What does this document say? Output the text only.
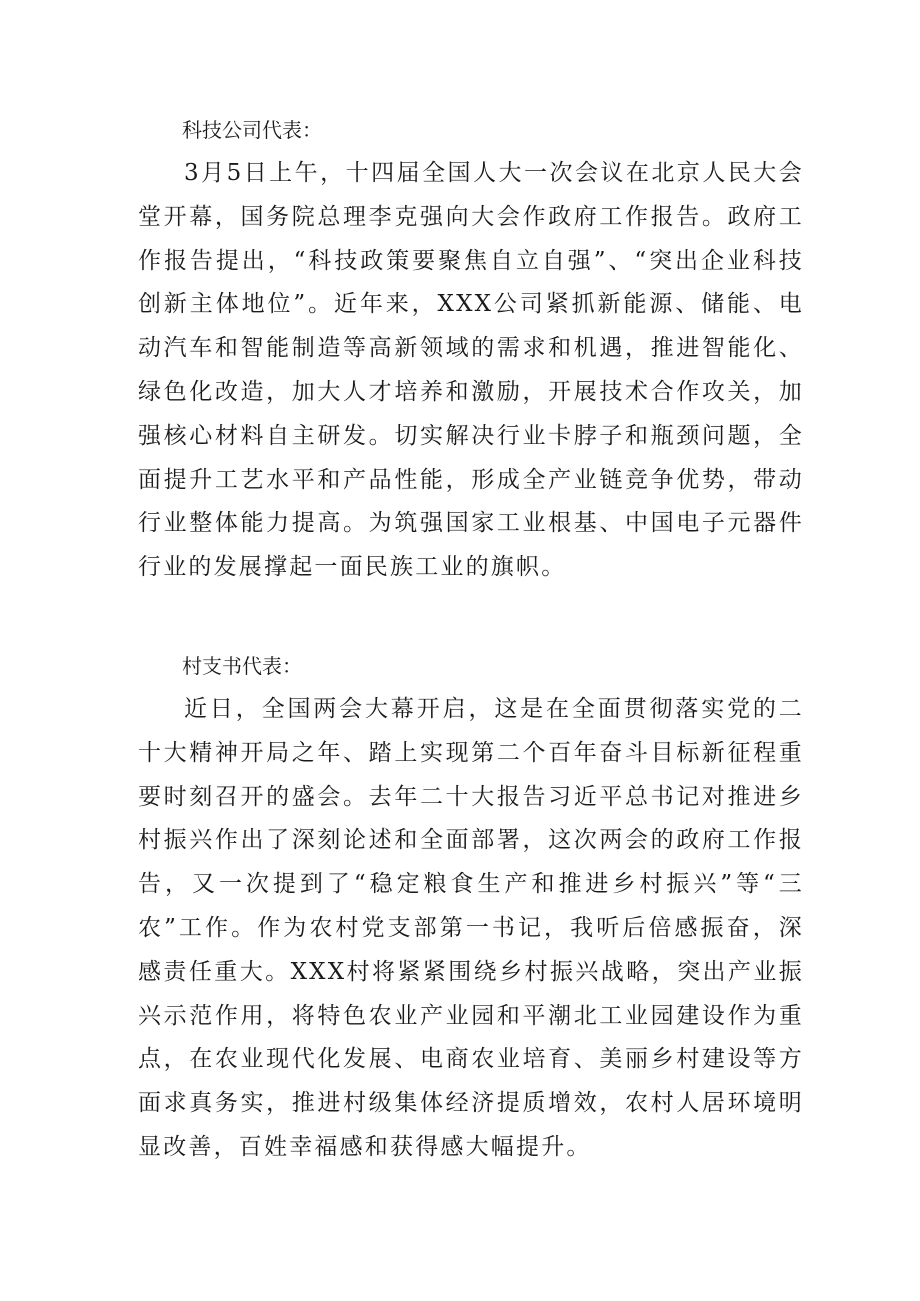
科技公司代表：

3月5日上午，十四届全国人大一次会议在北京人民大会堂开幕，国务院总理李克强向大会作政府工作报告。政府工作报告提出，“科技政策要聚焦自立自强”、“突出企业科技创新主体地位”。近年来，XXX公司紧抓新能源、储能、电动汽车和智能制造等高新领域的需求和机遇，推进智能化、绿色化改造，加大人才培养和激励，开展技术合作攻关，加强核心材料自主研发。切实解决行业卡脖子和瓶颈问题，全面提升工艺水平和产品性能，形成全产业链竞争优势，带动行业整体能力提高。为筑强国家工业根基、中国电子元器件行业的发展撑起一面民族工业的旗帜。

村支书代表：

近日，全国两会大幕开启，这是在全面贯彻落实党的二十大精神开局之年、踏上实现第二个百年奋斗目标新征程重要时刻召开的盛会。去年二十大报告习近平总书记对推进乡村振兴作出了深刻论述和全面部署，这次两会的政府工作报告，又一次提到了“稳定粮食生产和推进乡村振兴”等“三农”工作。作为农村党支部第一书记，我听后倍感振奋，深感责任重大。XXX村将紧紧围绕乡村振兴战略，突出产业振兴示范作用，将特色农业产业园和平潮北工业园建设作为重点，在农业现代化发展、电商农业培育、美丽乡村建设等方面求真务实，推进村级集体经济提质增效，农村人居环境明显改善，百姓幸福感和获得感大幅提升。
